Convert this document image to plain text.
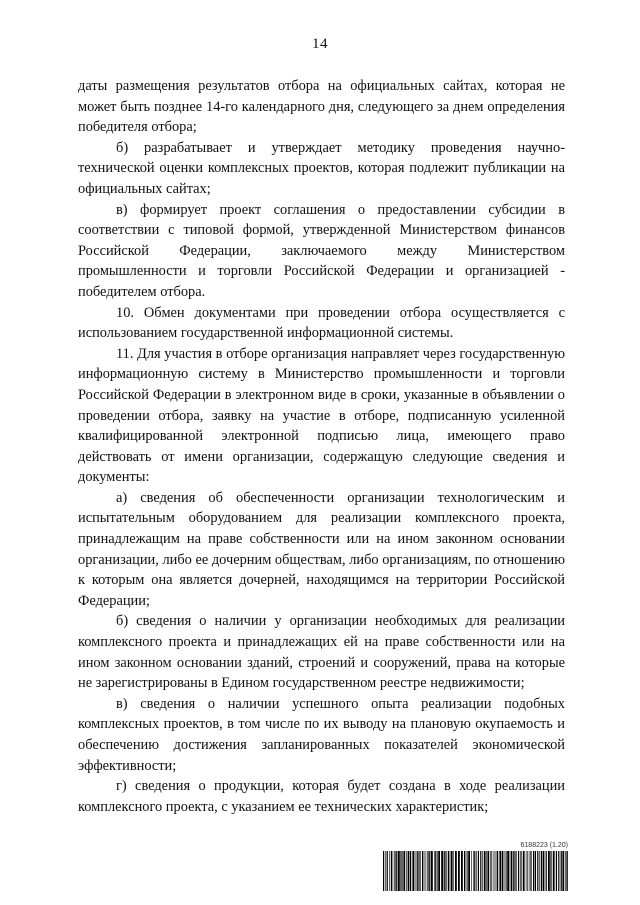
14

даты размещения результатов отбора на официальных сайтах, которая не может быть позднее 14-го календарного дня, следующего за днем определения победителя отбора;

б) разрабатывает и утверждает методику проведения научно-технической оценки комплексных проектов, которая подлежит публикации на официальных сайтах;

в) формирует проект соглашения о предоставлении субсидии в соответствии с типовой формой, утвержденной Министерством финансов Российской Федерации, заключаемого между Министерством промышленности и торговли Российской Федерации и организацией - победителем отбора.

10. Обмен документами при проведении отбора осуществляется с использованием государственной информационной системы.

11. Для участия в отборе организация направляет через государственную информационную систему в Министерство промышленности и торговли Российской Федерации в электронном виде в сроки, указанные в объявлении о проведении отбора, заявку на участие в отборе, подписанную усиленной квалифицированной электронной подписью лица, имеющего право действовать от имени организации, содержащую следующие сведения и документы:

а) сведения об обеспеченности организации технологическим и испытательным оборудованием для реализации комплексного проекта, принадлежащим на праве собственности или на ином законном основании организации, либо ее дочерним обществам, либо организациям, по отношению к которым она является дочерней, находящимся на территории Российской Федерации;

б) сведения о наличии у организации необходимых для реализации комплексного проекта и принадлежащих ей на праве собственности или на ином законном основании зданий, строений и сооружений, права на которые не зарегистрированы в Едином государственном реестре недвижимости;

в) сведения о наличии успешного опыта реализации подобных комплексных проектов, в том числе по их выводу на плановую окупаемость и обеспечению достижения запланированных показателей экономической эффективности;

г) сведения о продукции, которая будет создана в ходе реализации комплексного проекта, с указанием ее технических характеристик;

6188223 (1.20)
